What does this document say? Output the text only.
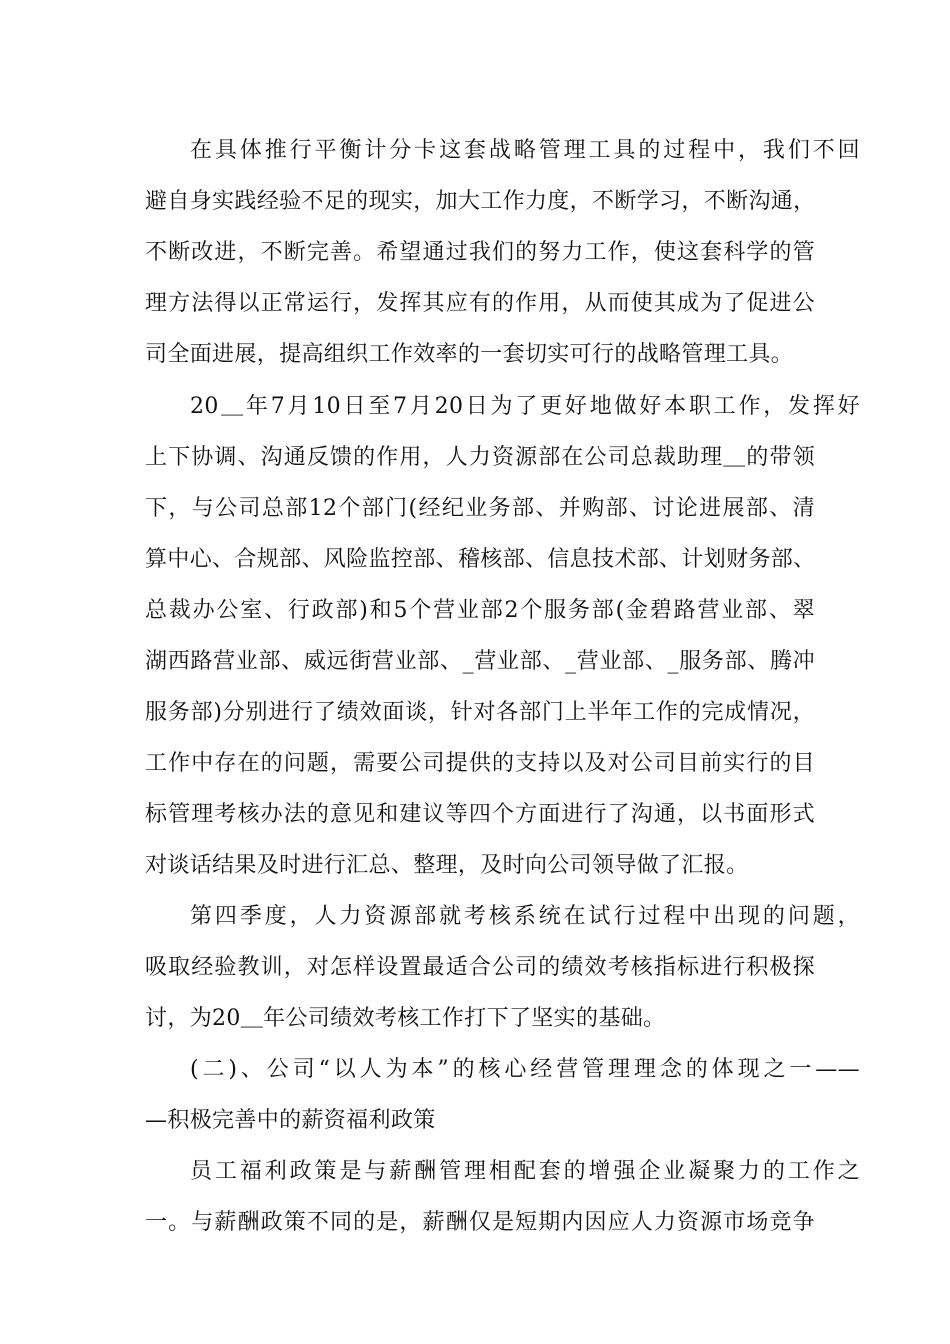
在具体推行平衡计分卡这套战略管理工具的过程中，我们不回
避自身实践经验不足的现实，加大工作力度，不断学习，不断沟通，
不断改进，不断完善。希望通过我们的努力工作，使这套科学的管
理方法得以正常运行，发挥其应有的作用，从而使其成为了促进公
司全面进展，提高组织工作效率的一套切实可行的战略管理工具。
20＿年7月10日至7月20日为了更好地做好本职工作，发挥好
上下协调、沟通反馈的作用，人力资源部在公司总裁助理＿的带领
下，与公司总部12个部门(经纪业务部、并购部、讨论进展部、清
算中心、合规部、风险监控部、稽核部、信息技术部、计划财务部、
总裁办公室、行政部)和5个营业部2个服务部(金碧路营业部、翠
湖西路营业部、威远街营业部、_营业部、_营业部、_服务部、腾冲
服务部)分别进行了绩效面谈，针对各部门上半年工作的完成情况，
工作中存在的问题，需要公司提供的支持以及对公司目前实行的目
标管理考核办法的意见和建议等四个方面进行了沟通，以书面形式
对谈话结果及时进行汇总、整理，及时向公司领导做了汇报。
第四季度，人力资源部就考核系统在试行过程中出现的问题，
吸取经验教训，对怎样设置最适合公司的绩效考核指标进行积极探
讨，为20＿年公司绩效考核工作打下了坚实的基础。
(二)、公司“以人为本”的核心经营管理理念的体现之一——
—积极完善中的薪资福利政策
员工福利政策是与薪酬管理相配套的增强企业凝聚力的工作之
一。与薪酬政策不同的是，薪酬仅是短期内因应人力资源市场竞争
